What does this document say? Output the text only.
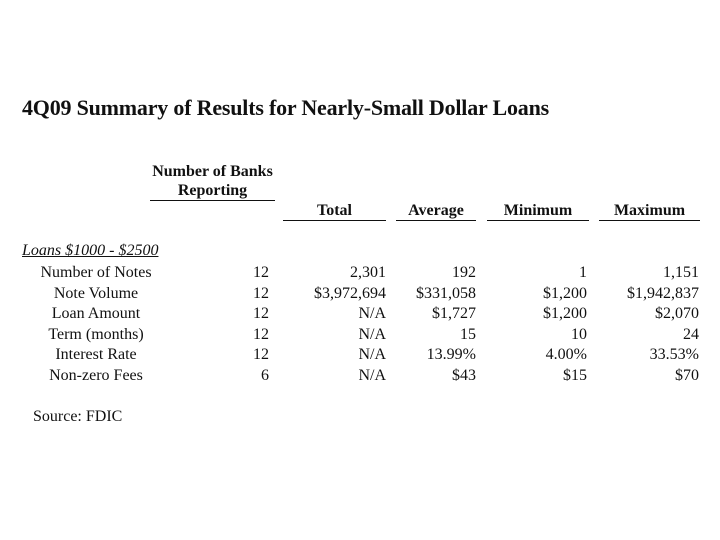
4Q09 Summary of Results for Nearly-Small Dollar Loans
Number of Banks Reporting
Total	Average	Minimum	Maximum
Loans $1000 - $2500
Number of Notes	12	2,301	192	1	1,151
Note Volume	12	$3,972,694	$331,058	$1,200	$1,942,837
Loan Amount	12	N/A	$1,727	$1,200	$2,070
Term (months)	12	N/A	15	10	24
Interest Rate	12	N/A	13.99%	4.00%	33.53%
Non-zero Fees	6	N/A	$43	$15	$70
Source: FDIC
